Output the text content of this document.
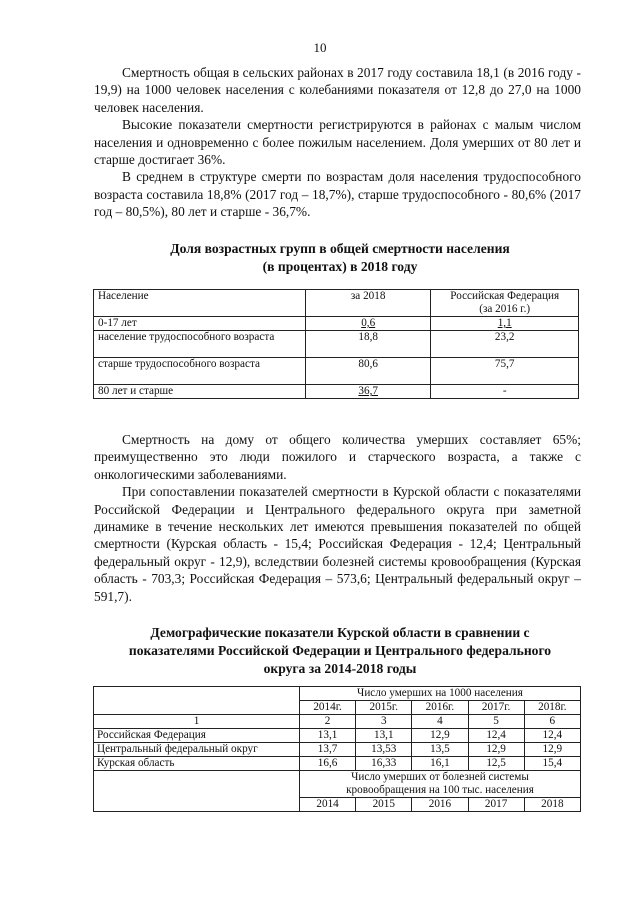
10

Смертность общая в сельских районах в 2017 году составила 18,1 (в 2016 году - 19,9) на 1000 человек населения с колебаниями показателя от 12,8 до 27,0 на 1000 человек населения.

Высокие показатели смертности регистрируются в районах с малым числом населения и одновременно с более пожилым населением. Доля умерших от 80 лет и старше достигает 36%.

В среднем в структуре смерти по возрастам доля населения трудоспособного возраста составила 18,8% (2017 год – 18,7%), старше трудоспособного - 80,6% (2017 год – 80,5%), 80 лет и старше - 36,7%.

Доля возрастных групп в общей смертности населения
(в процентах) в 2018 году
Население	за 2018	Российская Федерация
(за 2016 г.)

0-17 лет	0,6	1,1
население трудоспособного возраста	18,8	23,2
старше трудоспособного возраста	80,6	75,7
80 лет и старше	36,7	-

Смертность на дому от общего количества умерших составляет 65%; преимущественно это люди пожилого и старческого возраста, а также с онкологическими заболеваниями.

При сопоставлении показателей смертности в Курской области с показателями Российской Федерации и Центрального федерального округа при заметной динамике в течение нескольких лет имеются превышения показателей по общей смертности (Курская область - 15,4; Российская Федерация - 12,4; Центральный федеральный округ - 12,9), вследствии болезней системы кровообращения (Курская область - 703,3; Российская Федерация – 573,6; Центральный федеральный округ – 591,7).

Демографические показатели Курской области в сравнении с
показателями Российской Федерации и Центрального федерального
округа за 2014-2018 годы
	Число умерших на 1000 населения				
	2014г.	2015г.	2016г.	2017г.	2018г.
1	2	3	4	5	6
Российская Федерация	13,1	13,1	12,9	12,4	12,4
Центральный федеральный округ	13,7	13,53	13,5	12,9	12,9
Курская область	16,6	16,33	16,1	12,5	15,4

	Число умерших от болезней системы
кровообращения на 100 тыс. населения				

	2014	2015	2016	2017	2018
